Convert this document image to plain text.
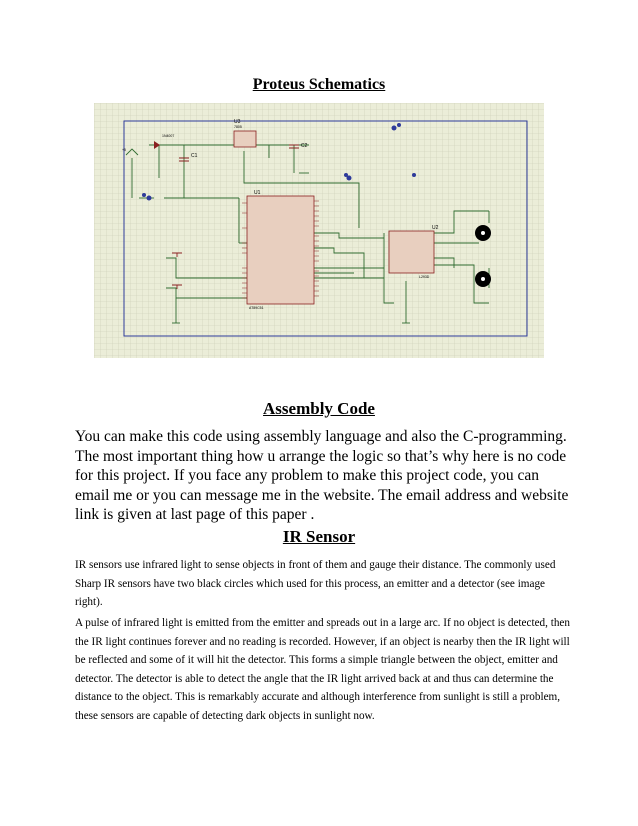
Proteus Schematics
U3
7805
1N4007
C1
C2
+5
U1
AT89C51
U2
L293D
Assembly Code

You can make this code using assembly language and also the C-programming. The most important thing how u arrange the logic so that’s why here is no code for this project. If you face any problem to make this project code, you can email me or you can message me in the website. The email address and website link is given at last page of this paper .

IR Sensor

IR sensors use infrared light to sense objects in front of them and gauge their distance. The commonly used Sharp IR sensors have two black circles which used for this process, an emitter and a detector (see image right).

A pulse of infrared light is emitted from the emitter and spreads out in a large arc. If no object is detected, then the IR light continues forever and no reading is recorded. However, if an object is nearby then the IR light will be reflected and some of it will hit the detector. This forms a simple triangle between the object, emitter and detector. The detector is able to detect the angle that the IR light arrived back at and thus can determine the distance to the object. This is remarkably accurate and although interference from sunlight is still a problem, these sensors are capable of detecting dark objects in sunlight now.
